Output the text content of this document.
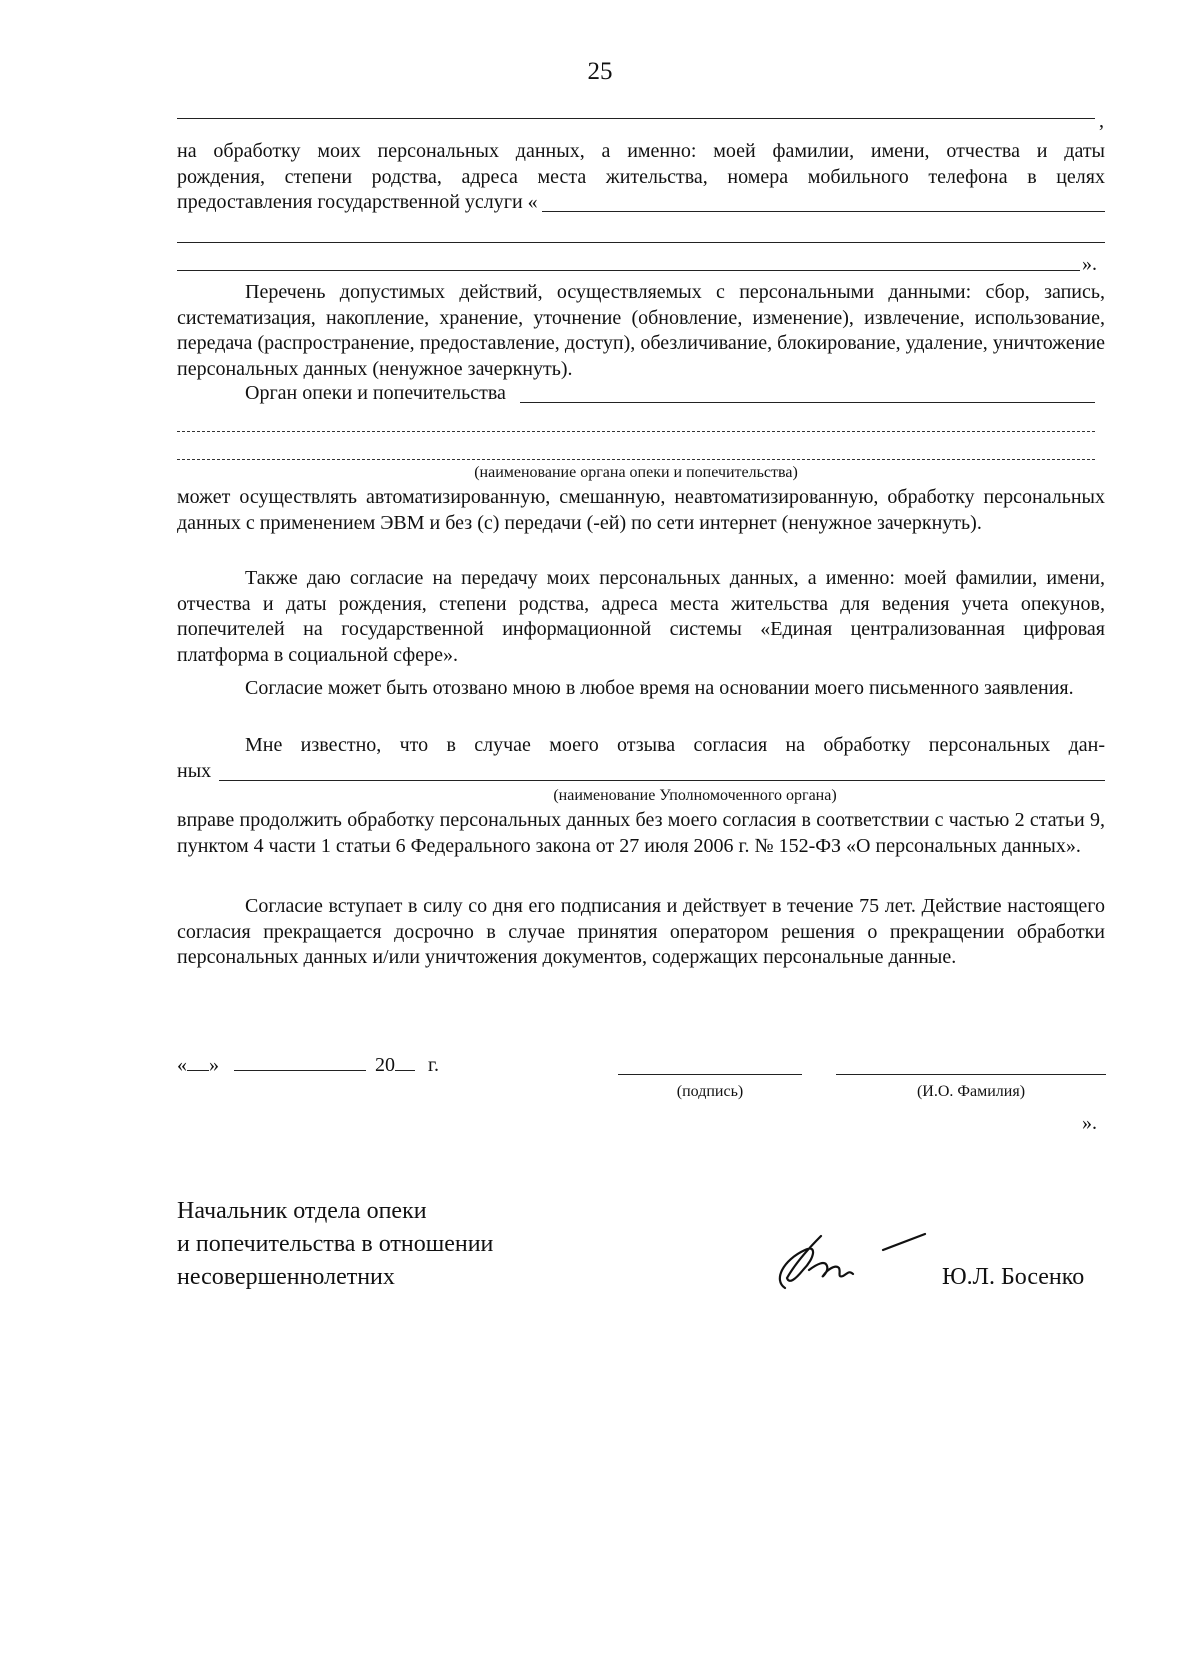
25
,

на обработку моих персональных данных, а именно: моей фамилии, имени, отчества и даты

рождения, степени родства, адреса места жительства, номера мобильного телефона в целях

предоставления государственной услуги «
».

Перечень допустимых действий, осуществляемых с персональными данными: сбор, запись, систематизация, накопление, хранение, уточнение (обновление, изменение), извлечение, использование, передача (распространение, предоставление, доступ), обезличивание, блокирование, удаление, уничтожение персональных данных (ненужное зачеркнуть).

Орган опеки и попечительства
(наименование органа опеки и попечительства)

может осуществлять автоматизированную, смешанную, неавтоматизированную, обработку персональных данных с применением ЭВМ и без (с) передачи (-ей) по сети интернет (ненужное зачеркнуть).

Также даю согласие на передачу моих персональных данных, а именно: моей фамилии, имени, отчества и даты рождения, степени родства, адреса места жительства для ведения учета опекунов, попечителей на государственной информационной системы «Единая централизованная цифровая платформа в социальной сфере».

Согласие может быть отозвано мною в любое время на основании моего письменного заявления.

Мне известно, что в случае моего отзыва согласия на обработку персональных дан-

ных
(наименование Уполномоченного органа)

вправе продолжить обработку персональных данных без моего согласия в соответствии с частью 2 статьи 9, пунктом 4 части 1 статьи 6 Федерального закона от 27 июля 2006 г. № 152-ФЗ «О персональных данных».

Согласие вступает в силу со дня его подписания и действует в течение 75 лет. Действие настоящего согласия прекращается досрочно в случае принятия оператором решения о прекращении обработки персональных данных и/или уничтожения документов, содержащих персональные данные.

« »	20 г.
(подпись)	(И.О. Фамилия)
».
Начальник отдела опеки
и попечительства в отношении
несовершеннолетних	Ю.Л. Босенко
